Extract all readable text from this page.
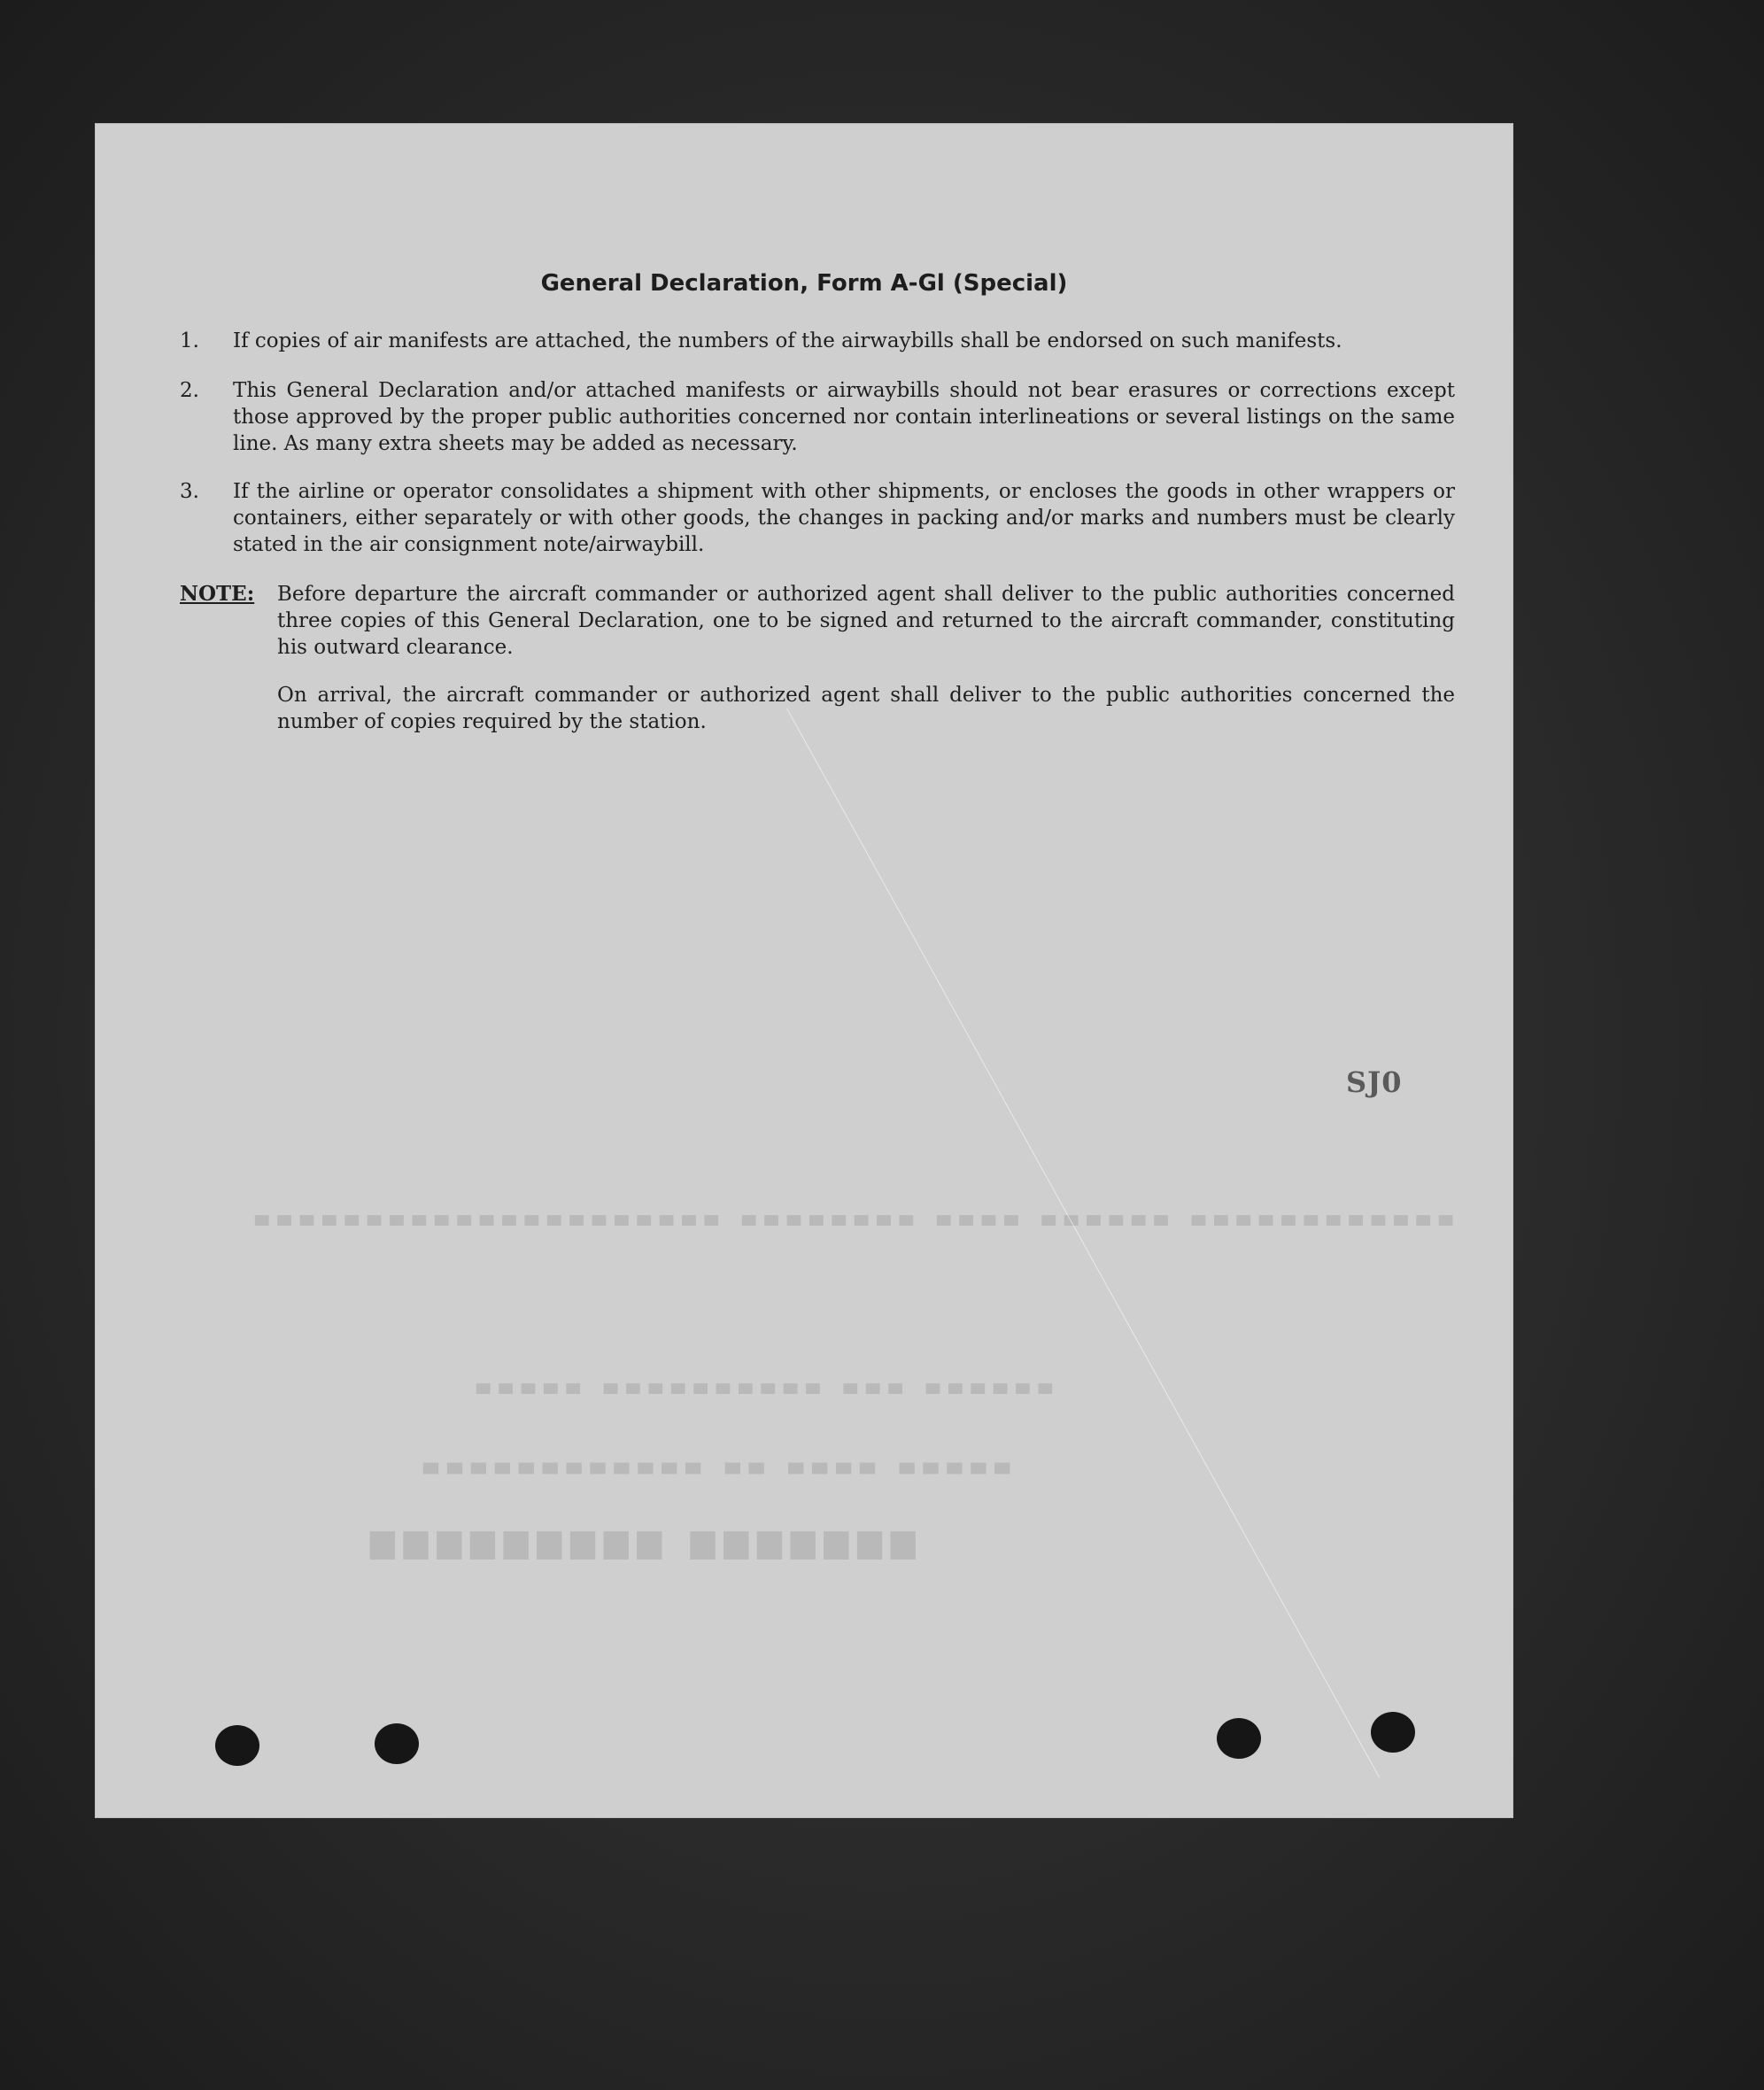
▆▆▆▆▆▆▆ ▆▆▆▆▆▆▆▆▆
▄▄▄▄▄ ▄▄▄▄ ▄▄ ▄▄▄▄▄▄▄▄▄▄▄▄
▄▄▄▄▄▄ ▄▄▄ ▄▄▄▄▄▄▄▄▄▄ ▄▄▄▄▄
▄▄▄▄▄▄▄▄▄▄▄▄ ▄▄▄▄▄▄ ▄▄▄▄ ▄▄▄▄▄▄▄▄ ▄▄▄▄▄▄▄▄▄▄▄▄▄▄▄▄▄▄▄▄▄
General Declaration, Form A-Gl (Special)
1.	If copies of air manifests are attached, the numbers of the airwaybills shall be endorsed on such manifests.
2.	This General Declaration and/or attached manifests or airwaybills should not bear erasures or corrections except those approved by the proper public authorities concerned nor contain interlineations or several listings on the same line. As many extra sheets may be added as necessary.
3.	If the airline or operator consolidates a shipment with other shipments, or encloses the goods in other wrappers or containers, either separately or with other goods, the changes in packing and/or marks and numbers must be clearly stated in the air consignment note/airwaybill.
NOTE: Before departure the aircraft commander or authorized agent shall deliver to the public authorities concerned three copies of this General Declaration, one to be signed and returned to the aircraft commander, constituting his outward clearance.
On arrival, the aircraft commander or authorized agent shall deliver to the public authorities concerned the number of copies required by the station.
SJ0
